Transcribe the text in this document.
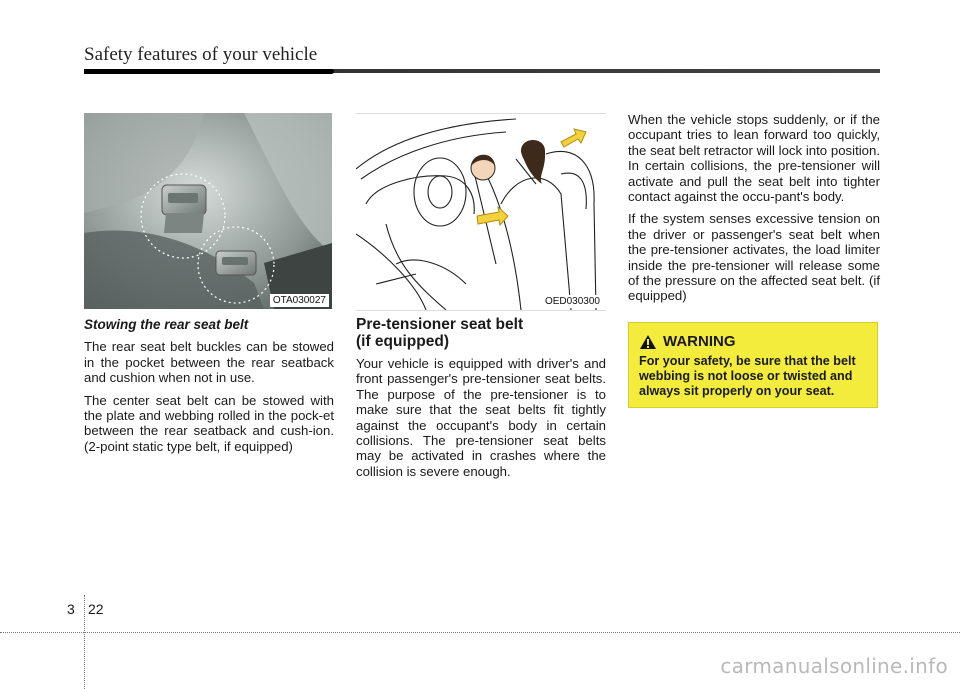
Safety features of your vehicle
OTA030027	OED030300

Stowing the rear seat belt

The rear seat belt buckles can be stowed in the pocket between the rear seatback and cushion when not in use.

The center seat belt can be stowed with the plate and webbing rolled in the pock-et between the rear seatback and cush-ion. (2-point static type belt, if equipped)

Pre-tensioner seat belt
(if equipped)

Your vehicle is equipped with driver's and front passenger's pre-tensioner seat belts. The purpose of the pre-tensioner is to make sure that the seat belts fit tightly against the occupant's body in certain collisions. The pre-tensioner seat belts may be activated in crashes where the collision is severe enough.

When the vehicle stops suddenly, or if the occupant tries to lean forward too quickly, the seat belt retractor will lock into position. In certain collisions, the pre-tensioner will activate and pull the seat belt into tighter contact against the occu-pant's body.

If the system senses excessive tension on the driver or passenger's seat belt when the pre-tensioner activates, the load limiter inside the pre-tensioner will release some of the pressure on the affected seat belt. (if equipped)

WARNING
For your safety, be sure that the belt webbing is not loose or twisted and always sit properly on your seat.
3 22
carmanualsonline.info
